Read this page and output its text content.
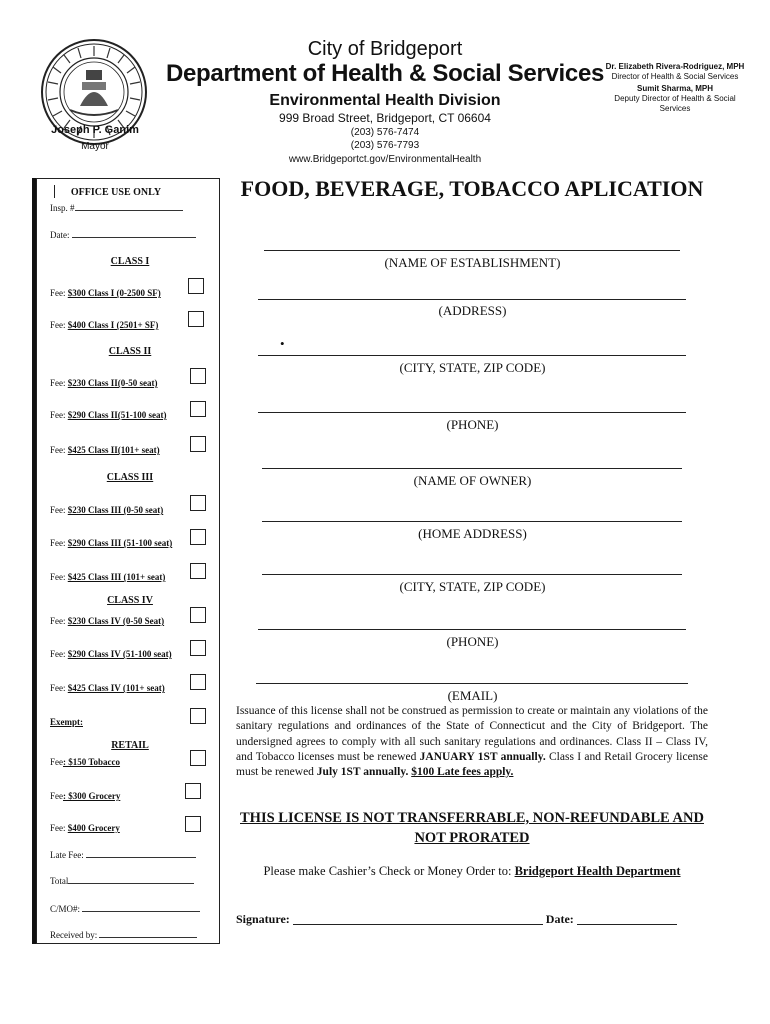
Joseph P. Ganim
Mayor
City of Bridgeport
Department of Health & Social Services
Environmental Health Division
999 Broad Street, Bridgeport, CT 06604
(203) 576-7474
(203) 576-7793
www.Bridgeportct.gov/EnvironmentalHealth
Dr. Elizabeth Rivera-Rodriguez, MPH
Director of Health & Social Services
Sumit Sharma, MPH
Deputy Director of Health & Social Services
OFFICE USE ONLY
Insp. #
Date:
CLASS I
Fee: $300 Class I (0-2500 SF)
Fee: $400 Class I (2501+ SF)
CLASS II
Fee: $230 Class II(0-50 seat)
Fee: $290 Class II(51-100 seat)
Fee: $425 Class II(101+ seat)
CLASS III
Fee: $230 Class III (0-50 seat)
Fee: $290 Class III (51-100 seat)
Fee: $425 Class III (101+ seat)
CLASS IV
Fee: $230 Class IV (0-50 Seat)
Fee: $290 Class IV (51-100 seat)
Fee: $425 Class IV (101+ seat)
Exempt:
RETAIL
Fee: $150 Tobacco
Fee: $300 Grocery
Fee: $400 Grocery
Late Fee:
Total
C/MO#:
Received by:
FOOD, BEVERAGE, TOBACCO APLICATION
(NAME OF ESTABLISHMENT)
(ADDRESS)
•
(CITY, STATE, ZIP CODE)
(PHONE)
(NAME OF OWNER)
(HOME ADDRESS)
(CITY, STATE, ZIP CODE)
(PHONE)
(EMAIL)
Issuance of this license shall not be construed as permission to create or maintain any violations of the sanitary regulations and ordinances of the State of Connecticut and the City of Bridgeport. The undersigned agrees to comply with all such sanitary regulations and ordinances. Class II – Class IV, and Tobacco licenses must be renewed JANUARY 1ST annually. Class I and Retail Grocery license must be renewed July 1ST annually. $100 Late fees apply.
THIS LICENSE IS NOT TRANSFERRABLE, NON-REFUNDABLE AND NOT PRORATED
Please make Cashier’s Check or Money Order to: Bridgeport Health Department
Signature:	Date:
